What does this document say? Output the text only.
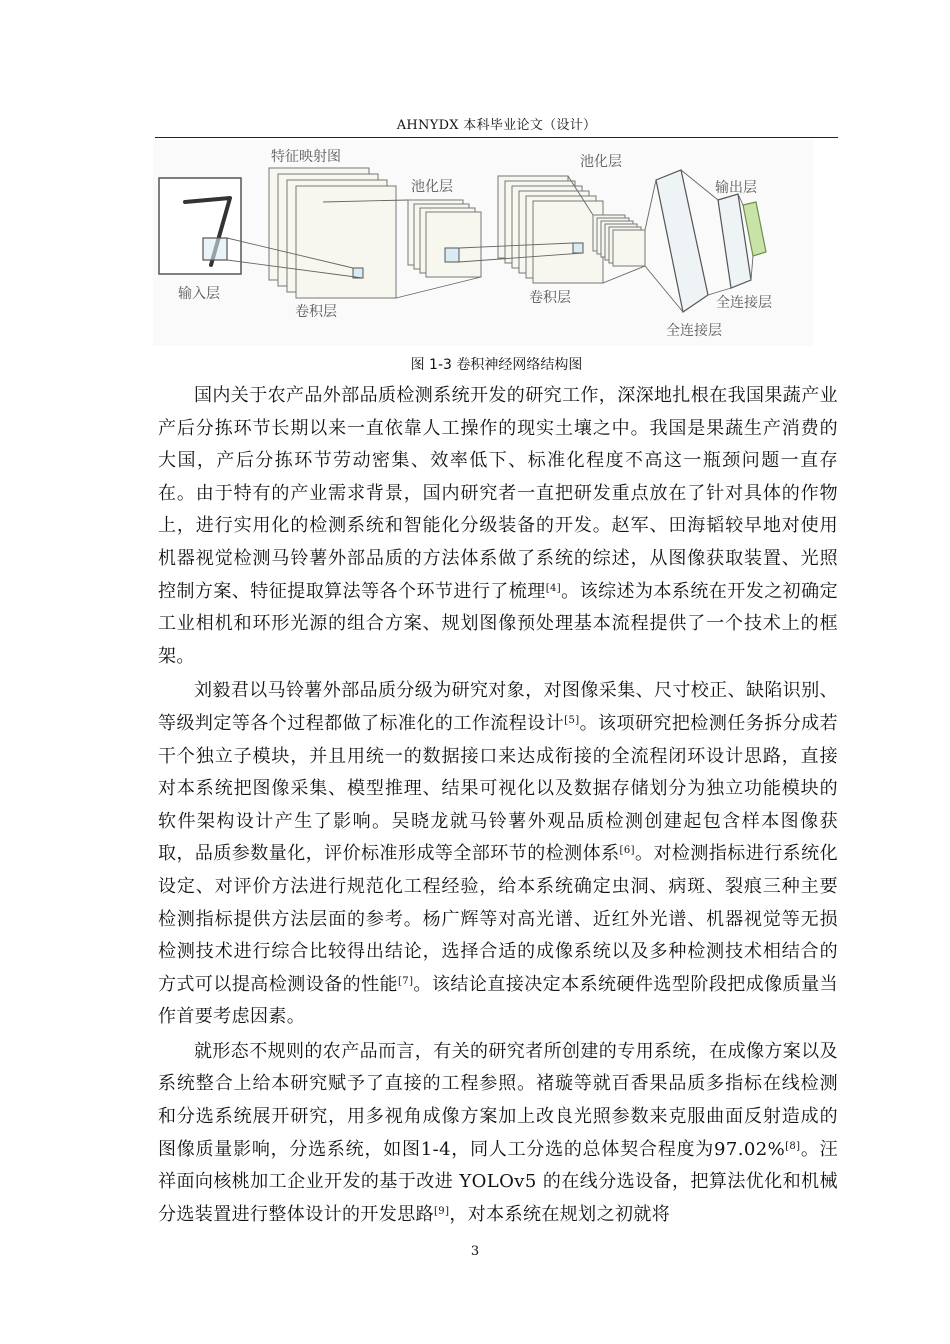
AHNYDX 本科毕业论文（设计）
特征映射图
池化层
池化层
输出层
输入层
卷积层
卷积层	全连接层
全连接层
图 1-3 卷积神经网络结构图

国内关于农产品外部品质检测系统开发的研究工作，深深地扎根在我国果蔬产业产后分拣环节长期以来一直依靠人工操作的现实土壤之中。我国是果蔬生产消费的大国，产后分拣环节劳动密集、效率低下、标准化程度不高这一瓶颈问题一直存在。由于特有的产业需求背景，国内研究者一直把研发重点放在了针对具体的作物上，进行实用化的检测系统和智能化分级装备的开发。赵军、田海韬较早地对使用机器视觉检测马铃薯外部品质的方法体系做了系统的综述，从图像获取装置、光照控制方案、特征提取算法等各个环节进行了梳理[4]。该综述为本系统在开发之初确定工业相机和环形光源的组合方案、规划图像预处理基本流程提供了一个技术上的框架。

刘毅君以马铃薯外部品质分级为研究对象，对图像采集、尺寸校正、缺陷识别、等级判定等各个过程都做了标准化的工作流程设计[5]。该项研究把检测任务拆分成若干个独立子模块，并且用统一的数据接口来达成衔接的全流程闭环设计思路，直接对本系统把图像采集、模型推理、结果可视化以及数据存储划分为独立功能模块的软件架构设计产生了影响。吴晓龙就马铃薯外观品质检测创建起包含样本图像获取，品质参数量化，评价标准形成等全部环节的检测体系[6]。对检测指标进行系统化设定、对评价方法进行规范化工程经验，给本系统确定虫洞、病斑、裂痕三种主要检测指标提供方法层面的参考。杨广辉等对高光谱、近红外光谱、机器视觉等无损检测技术进行综合比较得出结论，选择合适的成像系统以及多种检测技术相结合的方式可以提高检测设备的性能[7]。该结论直接决定本系统硬件选型阶段把成像质量当作首要考虑因素。

就形态不规则的农产品而言，有关的研究者所创建的专用系统，在成像方案以及系统整合上给本研究赋予了直接的工程参照。褚璇等就百香果品质多指标在线检测和分选系统展开研究，用多视角成像方案加上改良光照参数来克服曲面反射造成的图像质量影响，分选系统，如图1-4，同人工分选的总体契合程度为97.02%[8]。汪祥面向核桃加工企业开发的基于改进 YOLOv5 的在线分选设备，把算法优化和机械分选装置进行整体设计的开发思路[9]，对本系统在规划之初就将

3
